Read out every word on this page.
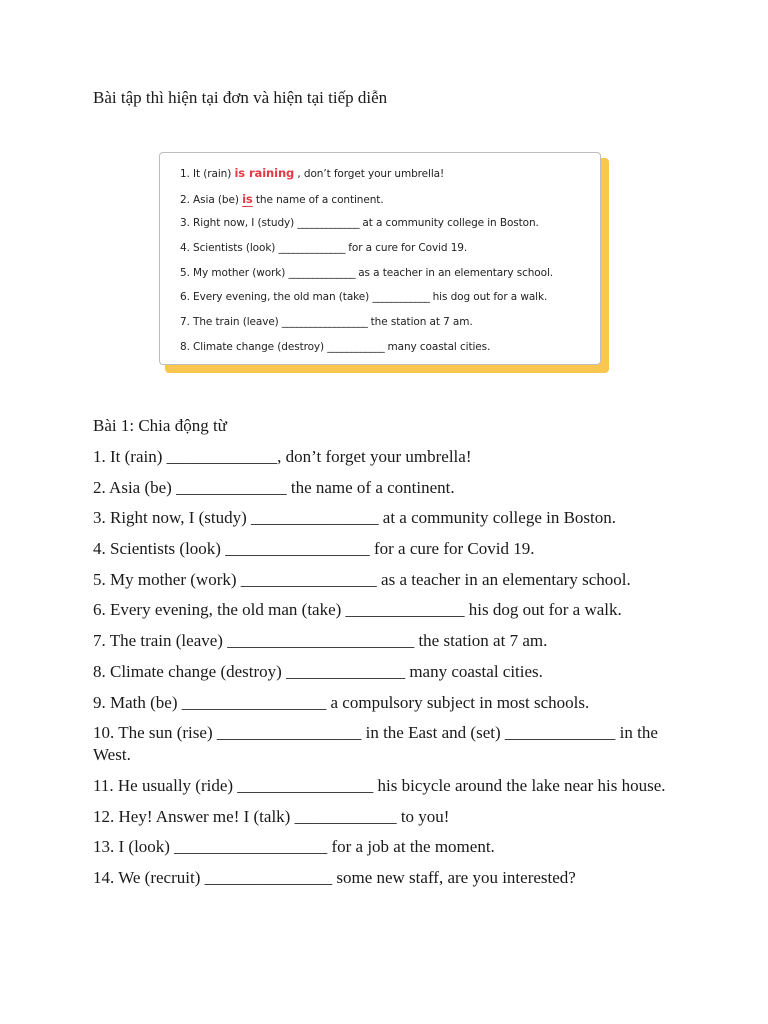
Bài tập thì hiện tại đơn và hiện tại tiếp diễn
1. It (rain) is raining , don’t forget your umbrella!
2. Asia (be) is the name of a continent.
3. Right now, I (study) _____________ at a community college in Boston.
4. Scientists (look) ______________ for a cure for Covid 19.
5. My mother (work) ______________ as a teacher in an elementary school.
6. Every evening, the old man (take) ____________ his dog out for a walk.
7. The train (leave) __________________ the station at 7 am.
8. Climate change (destroy) ____________ many coastal cities.
Bài 1: Chia động từ

1. It (rain) _____________, don’t forget your umbrella!

2. Asia (be) _____________ the name of a continent.

3. Right now, I (study) _______________ at a community college in Boston.

4. Scientists (look) _________________ for a cure for Covid 19.

5. My mother (work) ________________ as a teacher in an elementary school.

6. Every evening, the old man (take) ______________ his dog out for a walk.

7. The train (leave) ______________________ the station at 7 am.

8. Climate change (destroy) ______________ many coastal cities.

9. Math (be) _________________ a compulsory subject in most schools.

10. The sun (rise) _________________ in the East and (set) _____________ in the West.

11. He usually (ride) ________________ his bicycle around the lake near his house.

12. Hey! Answer me! I (talk) ____________ to you!

13. I (look) __________________ for a job at the moment.

14. We (recruit) _______________ some new staff, are you interested?
